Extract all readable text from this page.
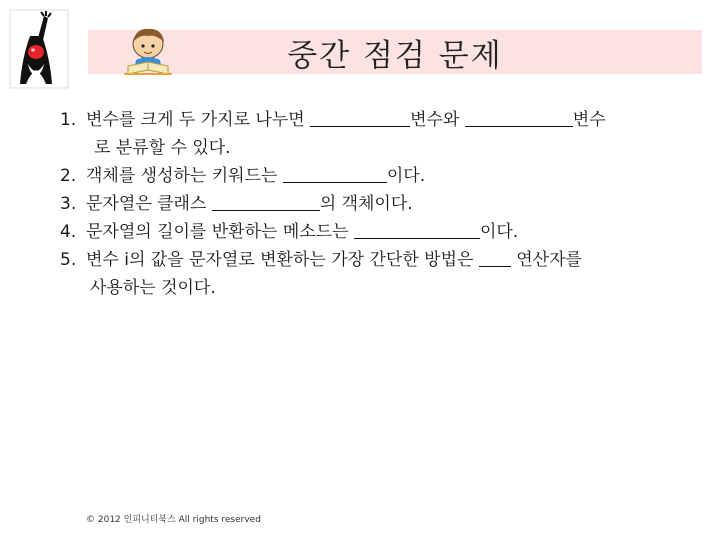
중간 점검 문제
1. 변수를 크게 두 가지로 나누면	변수와	변수
로 분류할 수 있다.
2. 객체를 생성하는 키워드는	이다.
3. 문자열은 클래스	의 객체이다.
4. 문자열의 길이를 반환하는 메소드는	이다.
5. 변수 i의 값을 문자열로 변환하는 가장 간단한 방법은  연산자를
사용하는 것이다.
© 2012 인피니티북스 All rights reserved
